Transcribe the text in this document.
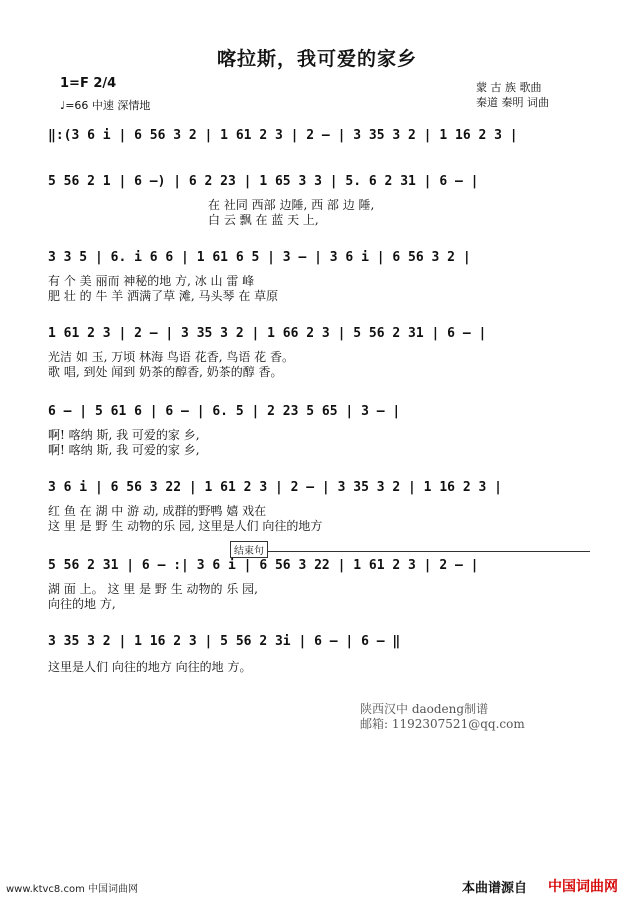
喀拉斯，我可爱的家乡
1=F 2/4
♩=66 中速 深情地
蒙 古 族 歌曲
秦道 秦明 词曲
‖:(3 6 i | 6 56 3 2 | 1 61 2 3 | 2 – | 3 35 3 2 | 1 16 2 3 |
5 56 2 1 | 6 –) | 6 2 23 | 1 65 3 3 | 5. 6 2 31 | 6 – |
在 社同 西部 边陲, 西 部 边 陲,
白 云 飘 在 蓝 天 上,
3 3 5 | 6. i 6 6 | 1 61 6 5 | 3 – | 3 6 i | 6 56 3 2 |
有 个 美 丽而 神秘的地 方, 冰 山 雷 峰
肥 壮 的 牛 羊 洒满了草 滩, 马头琴 在 草原
1 61 2 3 | 2 – | 3 35 3 2 | 1 66 2 3 | 5 56 2 31 | 6 – |
光洁 如 玉, 万顷 林海 鸟语 花香, 鸟语 花 香。
歌 唱, 到处 闻到 奶茶的醇香, 奶茶的醇 香。
6 – | 5 61 6 | 6 – | 6. 5 | 2 23 5 65 | 3 – |
啊! 喀纳 斯, 我 可爱的家 乡,
啊! 喀纳 斯, 我 可爱的家 乡,
3 6 i | 6 56 3 22 | 1 61 2 3 | 2 – | 3 35 3 2 | 1 16 2 3 |
红 鱼 在 湖 中 游 动, 成群的野鸭 嬉 戏在
这 里 是 野 生 动物的乐 园, 这里是人们 向往的地方
结束句
5 56 2 31 | 6 – :| 3 6 i | 6 56 3 22 | 1 61 2 3 | 2 – |
湖 面 上。 这 里 是 野 生 动物的 乐 园,
向往的地 方,
3 35 3 2 | 1 16 2 3 | 5 56 2 3i | 6 – | 6 – ‖
这里是人们 向往的地方 向往的地 方。
陕西汉中 daodeng制谱
邮箱: 1192307521@qq.com
www.ktvc8.com 中国词曲网	本曲谱源自 中国词曲网
